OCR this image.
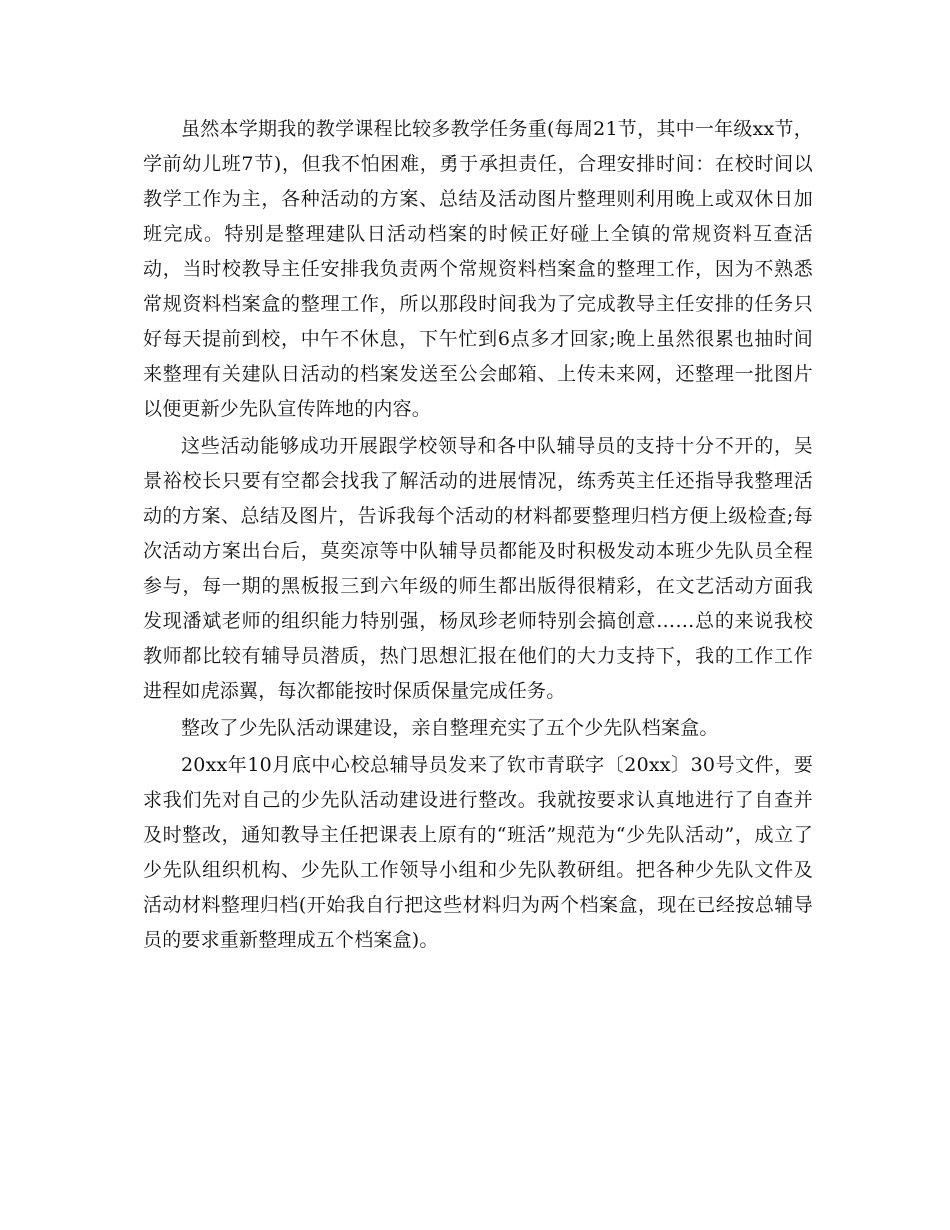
虽然本学期我的教学课程比较多教学任务重(每周21节，其中一年级xx节，学前幼儿班7节)，但我不怕困难，勇于承担责任，合理安排时间：在校时间以教学工作为主，各种活动的方案、总结及活动图片整理则利用晚上或双休日加班完成。特别是整理建队日活动档案的时候正好碰上全镇的常规资料互查活动，当时校教导主任安排我负责两个常规资料档案盒的整理工作，因为不熟悉常规资料档案盒的整理工作，所以那段时间我为了完成教导主任安排的任务只好每天提前到校，中午不休息，下午忙到6点多才回家;晚上虽然很累也抽时间来整理有关建队日活动的档案发送至公会邮箱、上传未来网，还整理一批图片以便更新少先队宣传阵地的内容。

这些活动能够成功开展跟学校领导和各中队辅导员的支持十分不开的，吴景裕校长只要有空都会找我了解活动的进展情况，练秀英主任还指导我整理活动的方案、总结及图片，告诉我每个活动的材料都要整理归档方便上级检查;每次活动方案出台后，莫奕凉等中队辅导员都能及时积极发动本班少先队员全程参与，每一期的黑板报三到六年级的师生都出版得很精彩，在文艺活动方面我发现潘斌老师的组织能力特别强，杨凤珍老师特别会搞创意……总的来说我校教师都比较有辅导员潜质，热门思想汇报在他们的大力支持下，我的工作工作进程如虎添翼，每次都能按时保质保量完成任务。

整改了少先队活动课建设，亲自整理充实了五个少先队档案盒。

20xx年10月底中心校总辅导员发来了钦市青联字〔20xx〕30号文件，要求我们先对自己的少先队活动建设进行整改。我就按要求认真地进行了自查并及时整改，通知教导主任把课表上原有的“班活”规范为“少先队活动”，成立了少先队组织机构、少先队工作领导小组和少先队教研组。把各种少先队文件及活动材料整理归档(开始我自行把这些材料归为两个档案盒，现在已经按总辅导员的要求重新整理成五个档案盒)。
